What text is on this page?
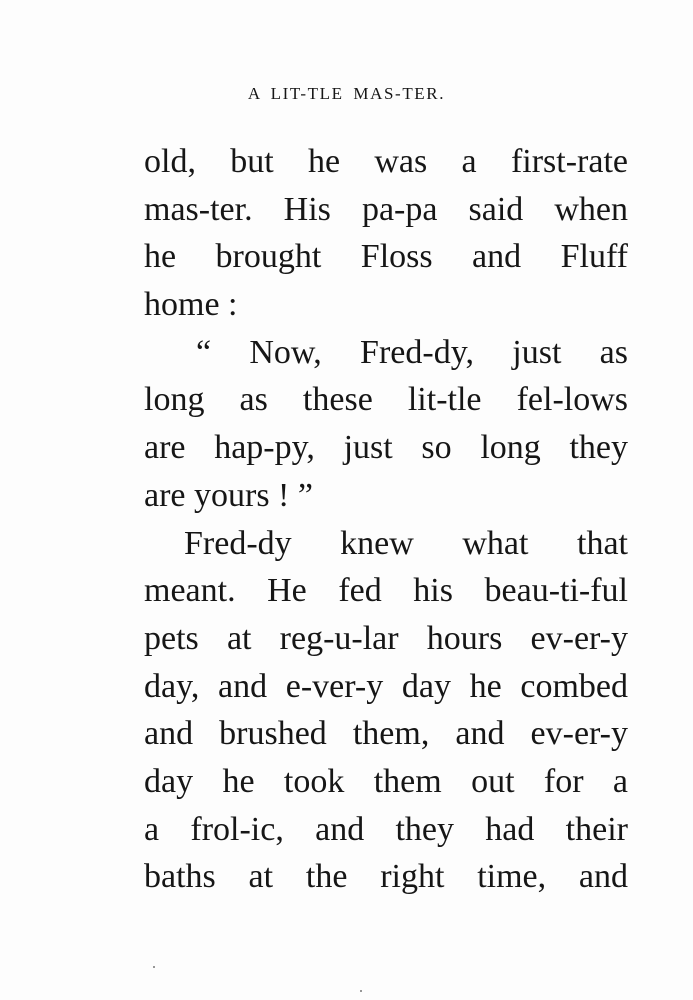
A LIT-TLE MAS-TER.
old, but he was a first-rate
mas-ter. His pa-pa said when
he brought Floss and Fluff
home :
“ Now, Fred-dy, just as
long as these lit-tle fel-lows
are hap-py, just so long they
are yours ! ”
Fred-dy knew what that
meant. He fed his beau-ti-ful
pets at reg-u-lar hours ev-er-y
day, and e-ver-y day he combed
and brushed them, and ev-er-y
day he took them out for a
a frol-ic, and they had their
baths at the right time, and
